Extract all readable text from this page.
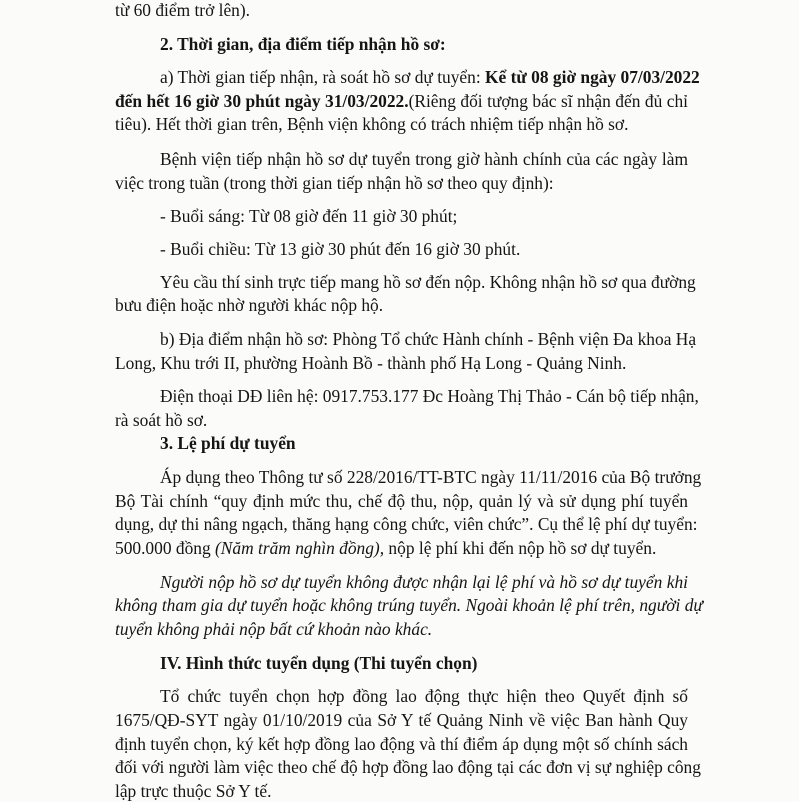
từ 60 điểm trở lên).
2. Thời gian, địa điểm tiếp nhận hồ sơ:
a) Thời gian tiếp nhận, rà soát hồ sơ dự tuyển: Kể từ 08 giờ ngày 07/03/2022
đến hết 16 giờ 30 phút ngày 31/03/2022.(Riêng đối tượng bác sĩ nhận đến đủ chỉ
tiêu). Hết thời gian trên, Bệnh viện không có trách nhiệm tiếp nhận hồ sơ.
Bệnh viện tiếp nhận hồ sơ dự tuyển trong giờ hành chính của các ngày làm
việc trong tuần (trong thời gian tiếp nhận hồ sơ theo quy định):
- Buổi sáng: Từ 08 giờ đến 11 giờ 30 phút;
- Buổi chiều: Từ 13 giờ 30 phút đến 16 giờ 30 phút.
Yêu cầu thí sinh trực tiếp mang hồ sơ đến nộp. Không nhận hồ sơ qua đường
bưu điện hoặc nhờ người khác nộp hộ.
b) Địa điểm nhận hồ sơ: Phòng Tổ chức Hành chính - Bệnh viện Đa khoa Hạ
Long, Khu trới II, phường Hoành Bồ - thành phố Hạ Long - Quảng Ninh.
Điện thoại DĐ liên hệ: 0917.753.177 Đc Hoàng Thị Thảo - Cán bộ tiếp nhận,
rà soát hồ sơ.
3. Lệ phí dự tuyển
Áp dụng theo Thông tư số 228/2016/TT-BTC ngày 11/11/2016 của Bộ trưởng
Bộ Tài chính “quy định mức thu, chế độ thu, nộp, quản lý và sử dụng phí tuyển
dụng, dự thi nâng ngạch, thăng hạng công chức, viên chức”. Cụ thể lệ phí dự tuyển:
500.000 đồng (Năm trăm nghìn đồng), nộp lệ phí khi đến nộp hồ sơ dự tuyển.
Người nộp hồ sơ dự tuyển không được nhận lại lệ phí và hồ sơ dự tuyển khi
không tham gia dự tuyển hoặc không trúng tuyển. Ngoài khoản lệ phí trên, người dự
tuyển không phải nộp bất cứ khoản nào khác.
IV. Hình thức tuyển dụng (Thi tuyển chọn)
Tổ chức tuyển chọn hợp đồng lao động thực hiện theo Quyết định số
1675/QĐ-SYT ngày 01/10/2019 của Sở Y tế Quảng Ninh về việc Ban hành Quy
định tuyển chọn, ký kết hợp đồng lao động và thí điểm áp dụng một số chính sách
đối với người làm việc theo chế độ hợp đồng lao động tại các đơn vị sự nghiệp công
lập trực thuộc Sở Y tế.
